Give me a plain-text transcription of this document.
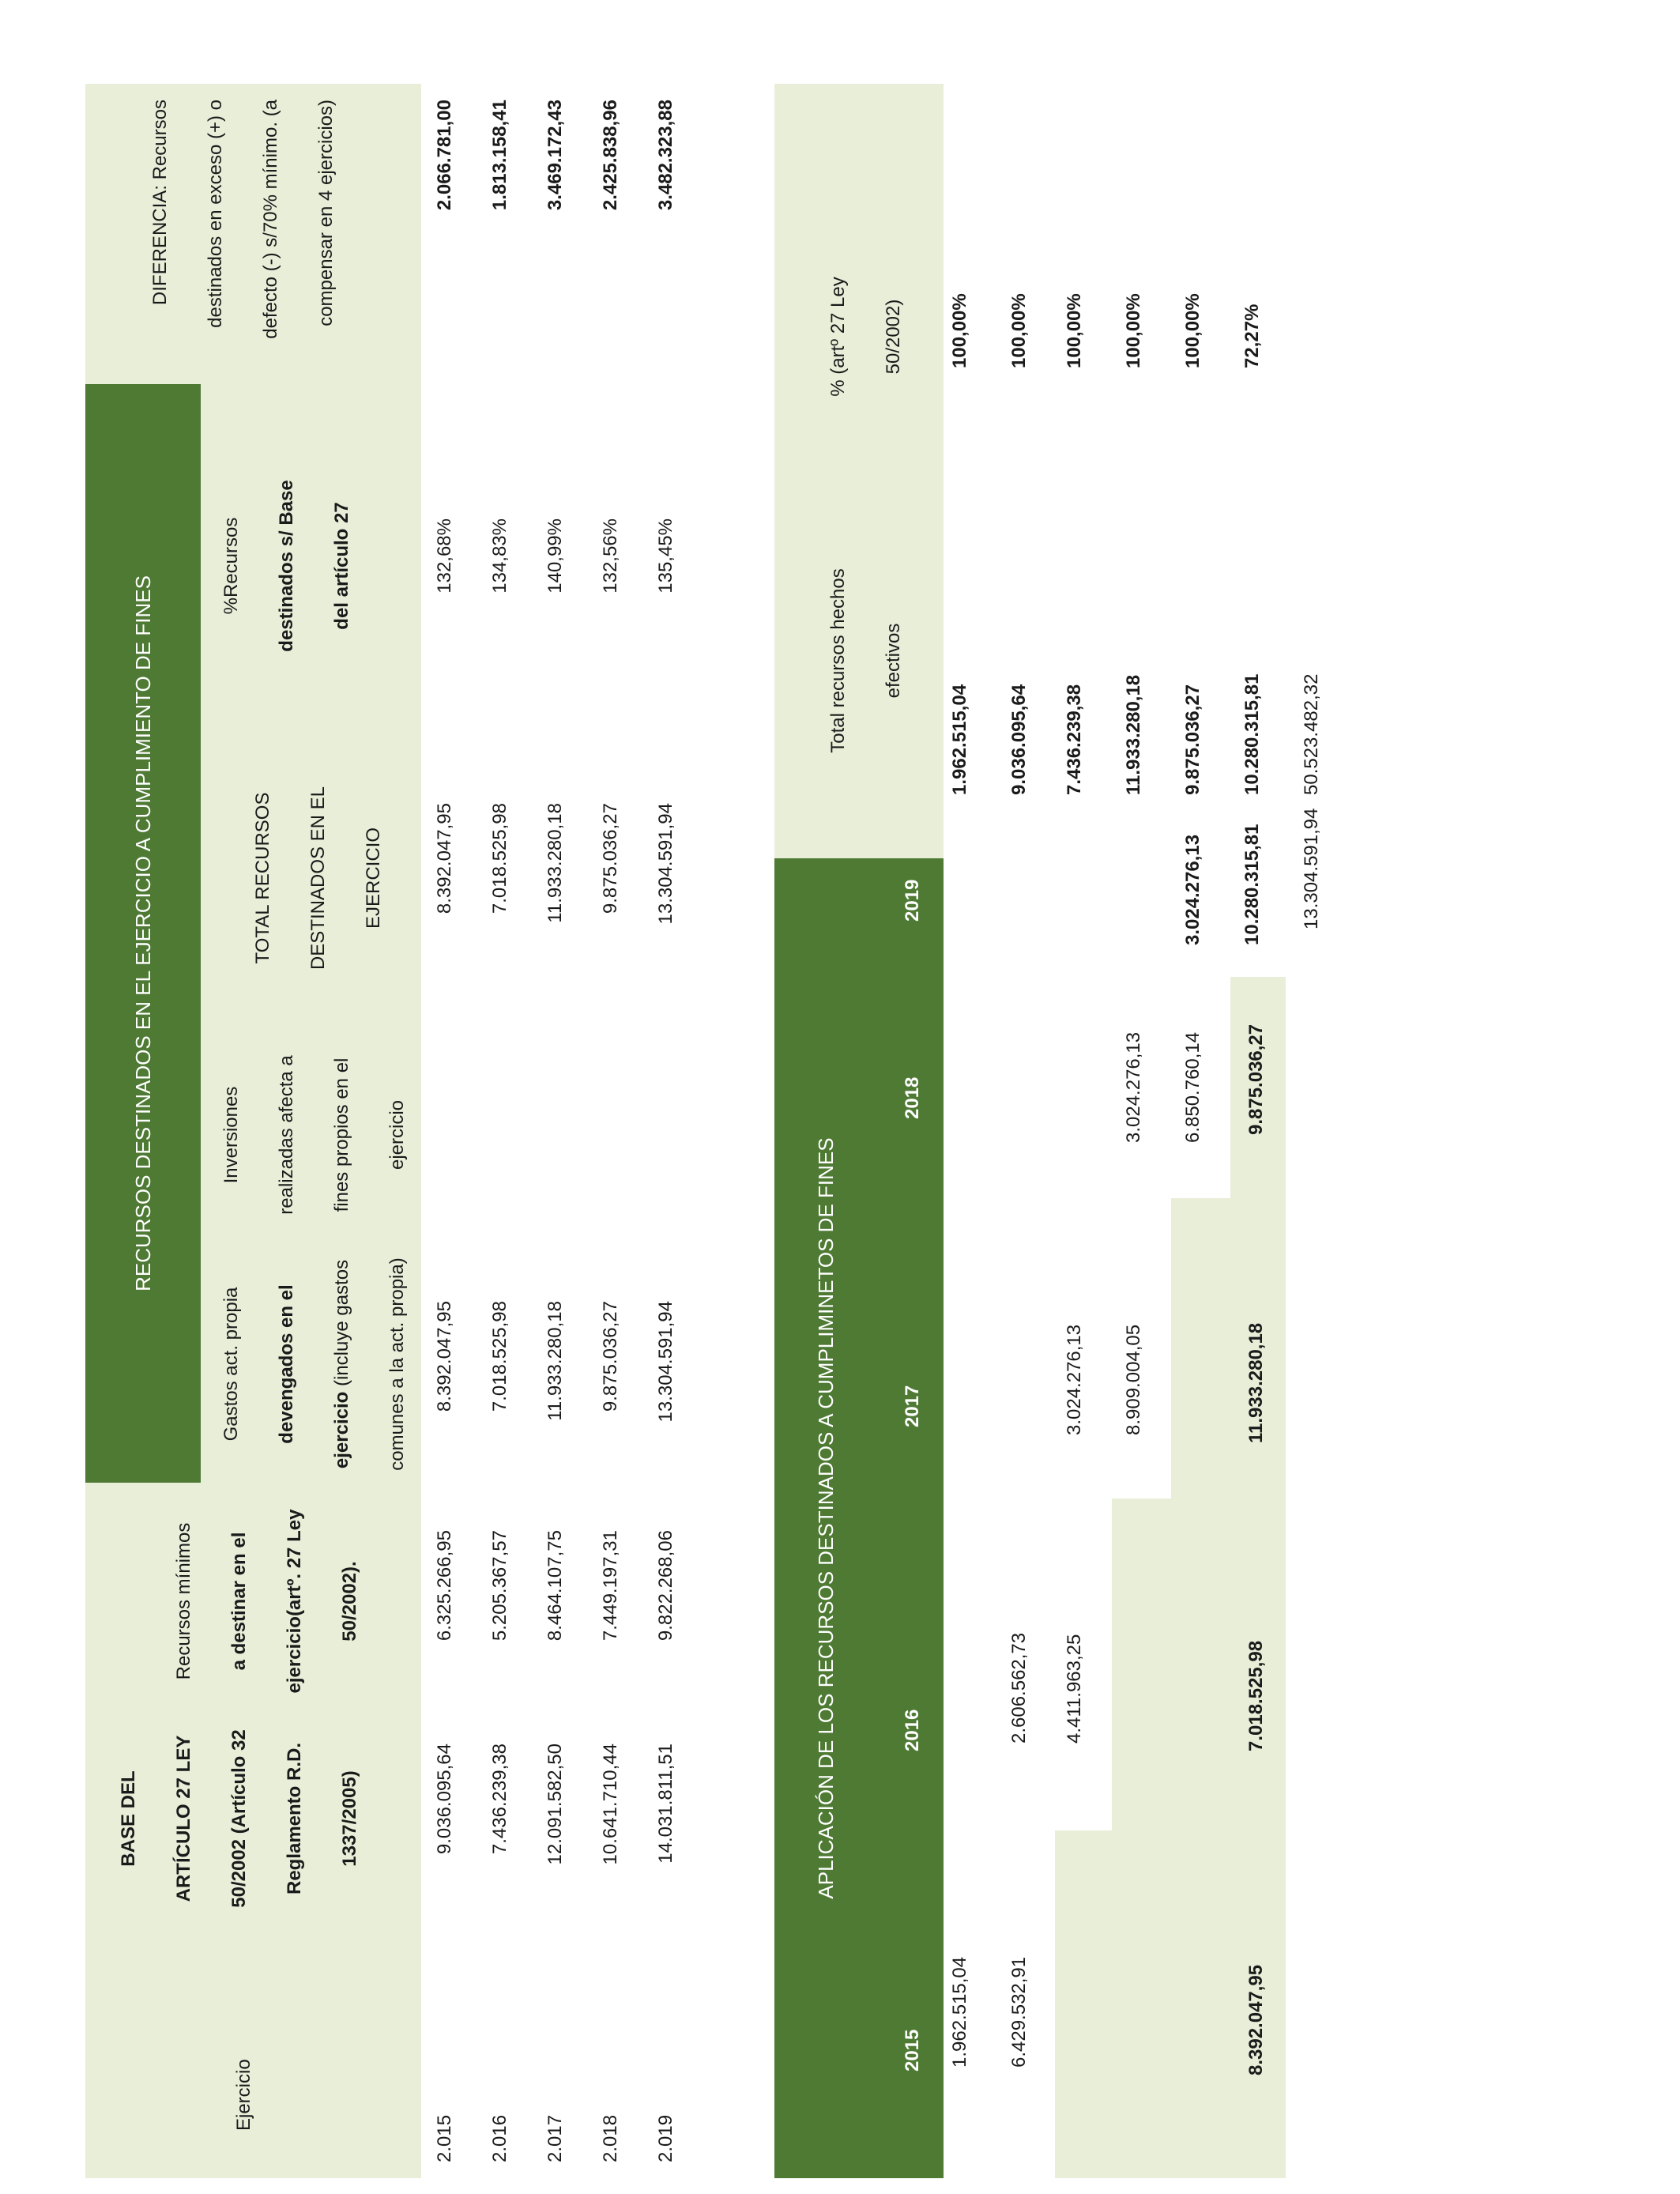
RECURSOS DESTINADOS EN EL EJERCICIO A CUMPLIMIENTO DE FINES
Ejercicio
BASE DEL ARTÍCULO 27 LEY 50/2002 (Artículo 32 Reglamento R.D. 1337/2005)
Recursos mínimos a destinar en el ejercicio(artº. 27 Ley 50/2002).
Gastos act. propia devengados en el ejercicio (incluye gastos comunes a la act. propia)
Inversiones realizadas afecta a fines propios en el ejercicio
TOTAL RECURSOS DESTINADOS EN EL EJERCICIO
%Recursos destinados s/ Base del artículo 27
DIFERENCIA: Recursos destinados en exceso (+) o defecto (-) s/70% mínimo. (a compensar en 4 ejercicios)
2.015
9.036.095,64
6.325.266,95
8.392.047,95
8.392.047,95
132,68%
2.066.781,00
2.016
7.436.239,38
5.205.367,57
7.018.525,98
7.018.525,98
134,83%
1.813.158,41
2.017
12.091.582,50
8.464.107,75
11.933.280,18
11.933.280,18
140,99%
3.469.172,43
2.018
10.641.710,44
7.449.197,31
9.875.036,27
9.875.036,27
132,56%
2.425.838,96
2.019
14.031.811,51
9.822.268,06
13.304.591,94
13.304.591,94
135,45%
3.482.323,88
APLICACIÓN DE LOS RECURSOS DESTINADOS A CUMPLIMINETOS DE FINES
2015
2016
2017
2018
2019
Total recursos hechos efectivos
% (artº 27 Ley 50/2002)
1.962.515,04
1.962.515,04
100,00%
6.429.532,91
2.606.562,73
9.036.095,64
100,00%
4.411.963,25
3.024.276,13
7.436.239,38
100,00%
8.909.004,05
3.024.276,13
11.933.280,18
100,00%
6.850.760,14
3.024.276,13
9.875.036,27
100,00%
10.280.315,81
10.280.315,81
72,27%
8.392.047,95
7.018.525,98
11.933.280,18
9.875.036,27
13.304.591,94
50.523.482,32
